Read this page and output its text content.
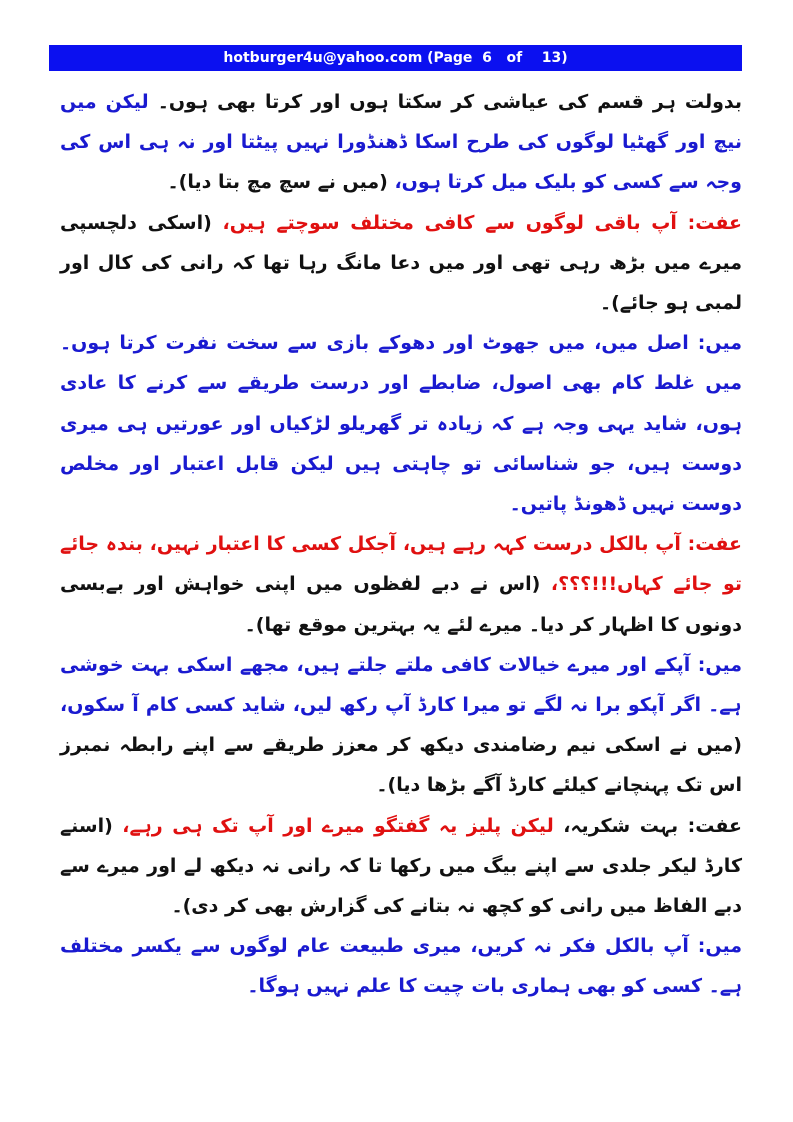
hotburger4u@yahoo.com (Page  6   of    13)

بدولت ہر قسم کی عیاشی کر سکتا ہوں اور کرتا بھی ہوں۔ لیکن میں نیچ اور گھٹیا لوگوں کی طرح اسکا ڈھنڈورا نہیں پیٹتا اور نہ ہی اس کی وجہ سے کسی کو بلیک میل کرتا ہوں، (میں نے سچ مچ بتا دیا)۔

عفت: آپ باقی لوگوں سے کافی مختلف سوچتے ہیں، (اسکی دلچسپی میرے میں بڑھ رہی تھی اور میں دعا مانگ رہا تھا کہ رانی کی کال اور لمبی ہو جائے)۔

میں: اصل میں، میں جھوٹ اور دھوکے بازی سے سخت نفرت کرتا ہوں۔ میں غلط کام بھی اصول، ضابطے اور درست طریقے سے کرنے کا عادی ہوں، شاید یہی وجہ ہے کہ زیادہ تر گھریلو لڑکیاں اور عورتیں ہی میری دوست ہیں، جو شناسائی تو چاہتی ہیں لیکن قابل اعتبار اور مخلص دوست نہیں ڈھونڈ پاتیں۔

عفت: آپ بالکل درست کہہ رہے ہیں، آجکل کسی کا اعتبار نہیں، بندہ جائے تو جائے کہاں!!!؟؟؟، (اس نے دبے لفظوں میں اپنی خواہش اور بےبسی دونوں کا اظہار کر دیا۔ میرے لئے یہ بہترین موقع تھا)۔

میں: آپکے اور میرے خیالات کافی ملتے جلتے ہیں، مجھے اسکی بہت خوشی ہے۔ اگر آپکو برا نہ لگے تو میرا کارڈ آپ رکھ لیں، شاید کسی کام آ سکوں، (میں نے اسکی نیم رضامندی دیکھ کر معزز طریقے سے اپنے رابطہ نمبرز اس تک پہنچانے کیلئے کارڈ آگے بڑھا دیا)۔

عفت: بہت شکریہ، لیکن پلیز یہ گفتگو میرے اور آپ تک ہی رہے، (اسنے کارڈ لیکر جلدی سے اپنے بیگ میں رکھا تا کہ رانی نہ دیکھ لے اور میرے سے دبے الفاظ میں رانی کو کچھ نہ بتانے کی گزارش بھی کر دی)۔

میں: آپ بالکل فکر نہ کریں، میری طبیعت عام لوگوں سے یکسر مختلف ہے۔ کسی کو بھی ہماری بات چیت کا علم نہیں ہوگا۔
